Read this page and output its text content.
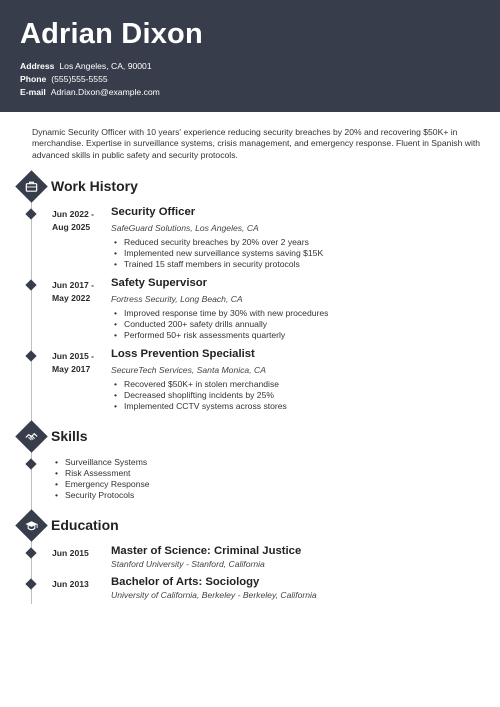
Adrian Dixon
Address Los Angeles, CA, 90001
Phone (555)555-5555
E-mail Adrian.Dixon@example.com
Dynamic Security Officer with 10 years' experience reducing security breaches by 20% and recovering $50K+ in merchandise. Expertise in surveillance systems, crisis management, and emergency response. Fluent in Spanish with advanced skills in public safety and security protocols.
Work History
Jun 2022 -
Aug 2025
Security Officer
SafeGuard Solutions, Los Angeles, CA
• Reduced security breaches by 20% over 2 years
• Implemented new surveillance systems saving $15K
• Trained 15 staff members in security protocols
Jun 2017 -
May 2022
Safety Supervisor
Fortress Security, Long Beach, CA
• Improved response time by 30% with new procedures
• Conducted 200+ safety drills annually
• Performed 50+ risk assessments quarterly
Jun 2015 -
May 2017
Loss Prevention Specialist
SecureTech Services, Santa Monica, CA
• Recovered $50K+ in stolen merchandise
• Decreased shoplifting incidents by 25%
• Implemented CCTV systems across stores
Skills
• Surveillance Systems
• Risk Assessment
• Emergency Response
• Security Protocols
Education
Jun 2015 Master of Science: Criminal Justice
Stanford University - Stanford, California
Jun 2013 Bachelor of Arts: Sociology
University of California, Berkeley - Berkeley, California
